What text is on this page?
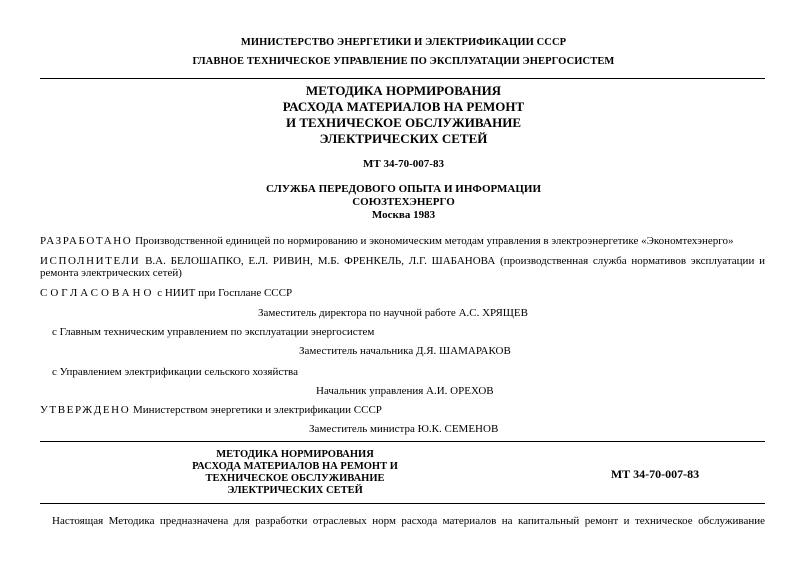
МИНИСТЕРСТВО ЭНЕРГЕТИКИ И ЭЛЕКТРИФИКАЦИИ СССР
ГЛАВНОЕ ТЕХНИЧЕСКОЕ УПРАВЛЕНИЕ ПО ЭКСПЛУАТАЦИИ ЭНЕРГОСИСТЕМ
МЕТОДИКА НОРМИРОВАНИЯ
РАСХОДА МАТЕРИАЛОВ НА РЕМОНТ
И ТЕХНИЧЕСКОЕ ОБСЛУЖИВАНИЕ
ЭЛЕКТРИЧЕСКИХ СЕТЕЙ
МТ 34-70-007-83
СЛУЖБА ПЕРЕДОВОГО ОПЫТА И ИНФОРМАЦИИ
СОЮЗТЕХЭНЕРГО
Москва 1983
РАЗРАБОТАНО Производственной единицей по нормированию и экономическим методам управления в электроэнергетике «Экономтехэнерго»
ИСПОЛНИТЕЛИ В.А. БЕЛОШАПКО, Е.Л. РИВИН, М.Б. ФРЕНКЕЛЬ, Л.Г. ШАБАНОВА (производственная служба нормативов эксплуатации и
ремонта электрических сетей)
СОГЛАСОВАНО с НИИТ при Госплане СССР
Заместитель директора по научной работе А.С. ХРЯЩЕВ
с Главным техническим управлением по эксплуатации энергосистем
Заместитель начальника Д.Я. ШАМАРАКОВ
с Управлением электрификации сельского хозяйства
Начальник управления А.И. ОРЕХОВ
УТВЕРЖДЕНО Министерством энергетики и электрификации СССР
Заместитель министра Ю.К. СЕМЕНОВ
МЕТОДИКА НОРМИРОВАНИЯ
РАСХОДА МАТЕРИАЛОВ НА РЕМОНТ И
ТЕХНИЧЕСКОЕ ОБСЛУЖИВАНИЕ
ЭЛЕКТРИЧЕСКИХ СЕТЕЙ
МТ 34-70-007-83
Настоящая Методика предназначена для разработки отраслевых норм расхода материалов на капитальный ремонт и техническое обслуживание
